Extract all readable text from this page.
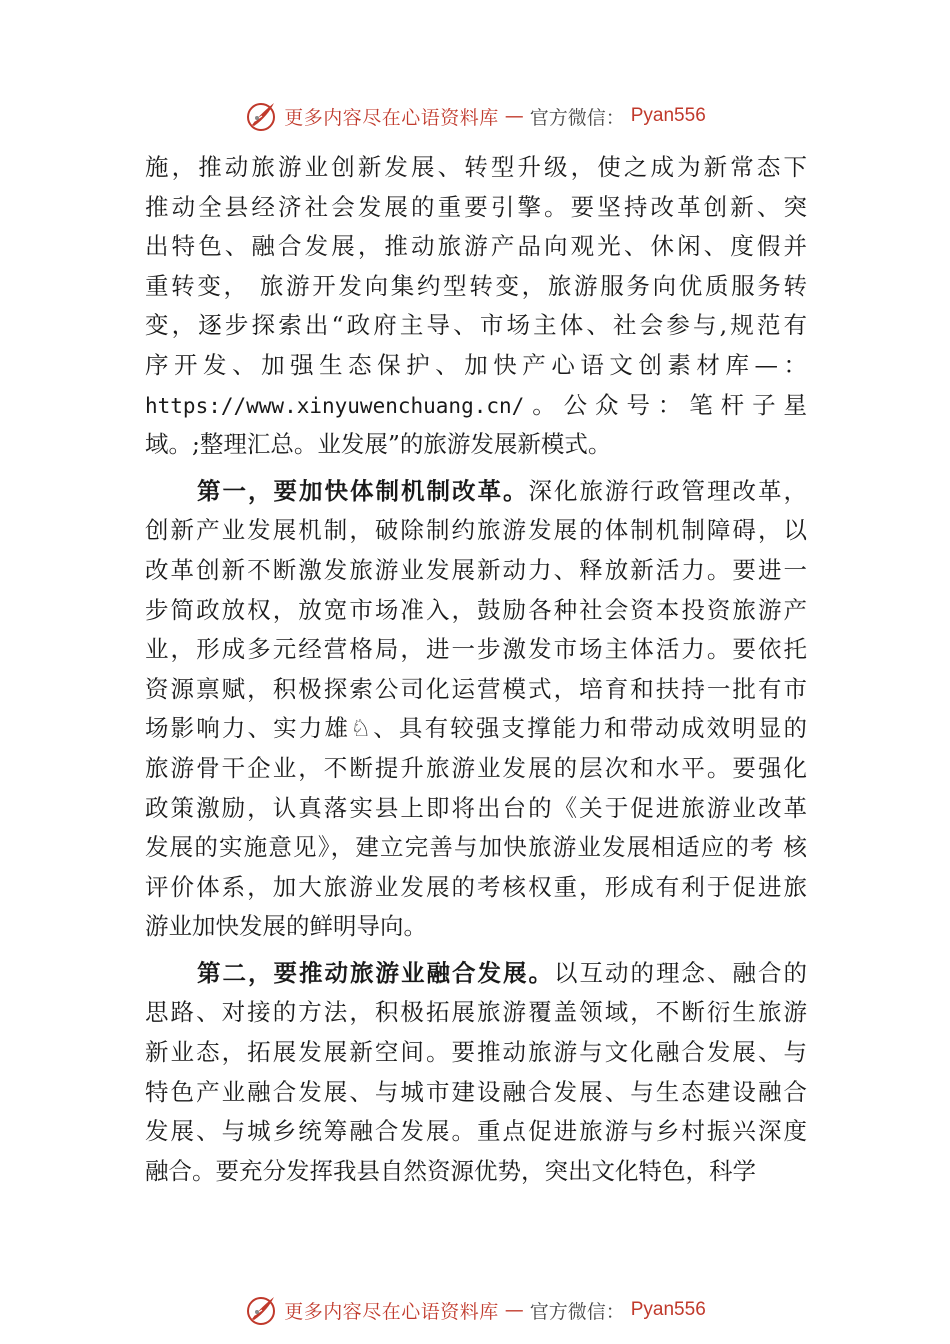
更多内容尽在心语资料库 — 官方微信： Pyan556
施，推动旅游业创新发展、转型升级，使之成为新常态下
推动全县经济社会发展的重要引擎。要坚持改革创新、突
出特色、融合发展，推动旅游产品向观光、休闲、度假并
重转变， 旅游开发向集约型转变，旅游服务向优质服务转
变，逐步探索出“政府主导、市场主体、社会参与,规范有
序开发、加强生态保护、加快产心语文创素材库—：
https://www.xinyuwenchuang.cn/。公众号：笔杆子星
域。;整理汇总。业发展”的旅游发展新模式。
第一，要加快体制机制改革。深化旅游行政管理改革，
创新产业发展机制，破除制约旅游发展的体制机制障碍，以
改革创新不断激发旅游业发展新动力、释放新活力。要进一
步简政放权，放宽市场准入，鼓励各种社会资本投资旅游产
业，形成多元经营格局，进一步激发市场主体活力。要依托
资源禀赋，积极探索公司化运营模式，培育和扶持一批有市
场影响力、实力雄♘、具有较强支撑能力和带动成效明显的
旅游骨干企业，不断提升旅游业发展的层次和水平。要强化
政策激励，认真落实县上即将出台的《关于促进旅游业改革
发展的实施意见》，建立完善与加快旅游业发展相适应的考 核
评价体系，加大旅游业发展的考核权重，形成有利于促进旅
游业加快发展的鲜明导向。
第二，要推动旅游业融合发展。以互动的理念、融合的
思路、对接的方法，积极拓展旅游覆盖领域，不断衍生旅游
新业态，拓展发展新空间。要推动旅游与文化融合发展、与
特色产业融合发展、与城市建设融合发展、与生态建设融合
发展、与城乡统筹融合发展。重点促进旅游与乡村振兴深度
融合。要充分发挥我县自然资源优势，突出文化特色，科学
更多内容尽在心语资料库 — 官方微信： Pyan556
